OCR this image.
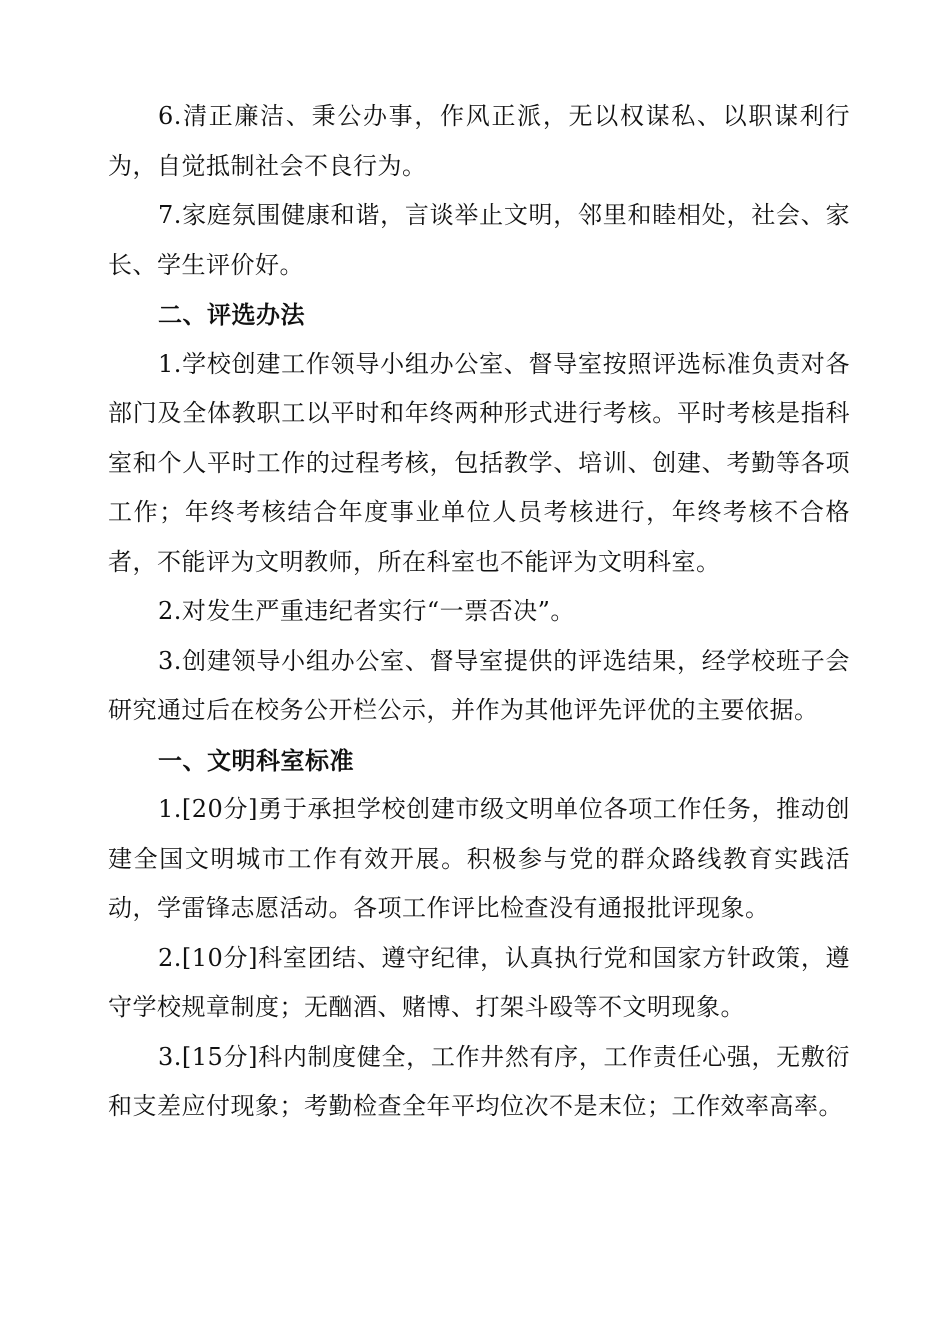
6.清正廉洁、秉公办事，作风正派，无以权谋私、以职谋利行为，自觉抵制社会不良行为。

7.家庭氛围健康和谐，言谈举止文明，邻里和睦相处，社会、家长、学生评价好。

二、评选办法

1.学校创建工作领导小组办公室、督导室按照评选标准负责对各部门及全体教职工以平时和年终两种形式进行考核。平时考核是指科室和个人平时工作的过程考核，包括教学、培训、创建、考勤等各项工作；年终考核结合年度事业单位人员考核进行，年终考核不合格者，不能评为文明教师，所在科室也不能评为文明科室。

2.对发生严重违纪者实行“一票否决”。

3.创建领导小组办公室、督导室提供的评选结果，经学校班子会研究通过后在校务公开栏公示，并作为其他评先评优的主要依据。

一、文明科室标准

1.[20分]勇于承担学校创建市级文明单位各项工作任务，推动创建全国文明城市工作有效开展。积极参与党的群众路线教育实践活动，学雷锋志愿活动。各项工作评比检查没有通报批评现象。

2.[10分]科室团结、遵守纪律，认真执行党和国家方针政策，遵守学校规章制度；无酗酒、赌博、打架斗殴等不文明现象。

3.[15分]科内制度健全，工作井然有序，工作责任心强，无敷衍和支差应付现象；考勤检查全年平均位次不是末位；工作效率高率。
